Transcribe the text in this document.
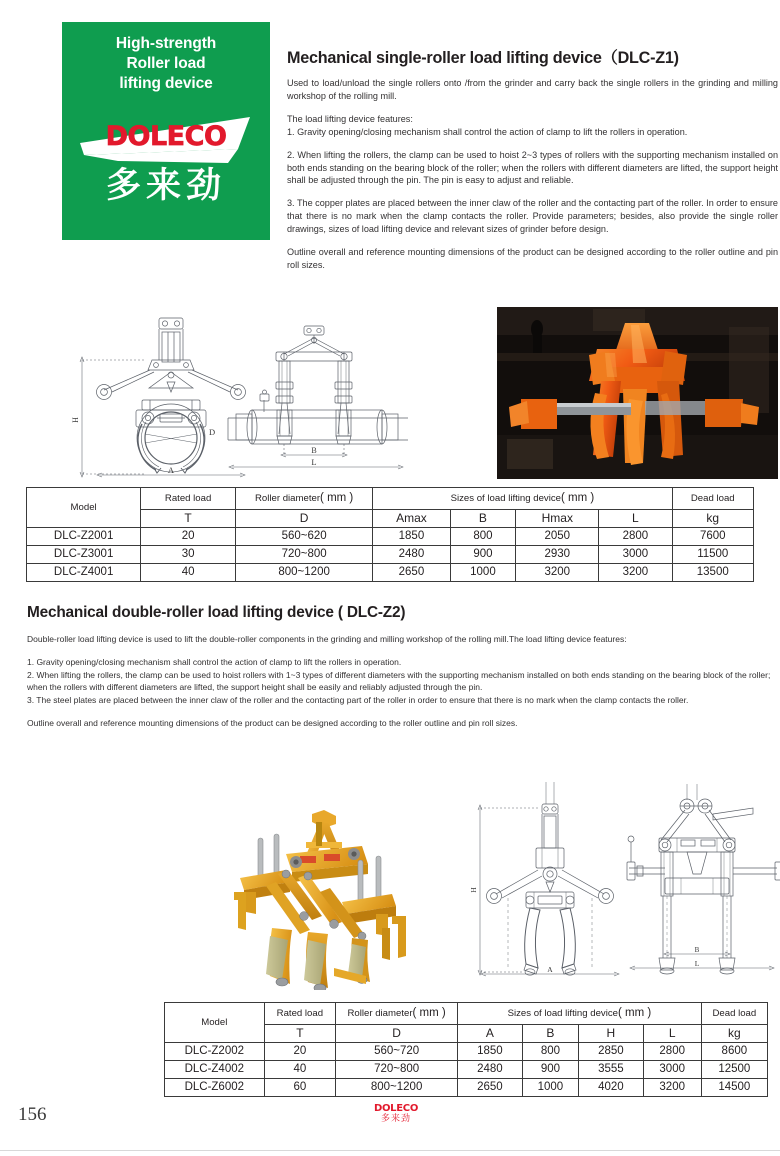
High-strength
Roller load
lifting device
DOLECO
多来劲
Mechanical single-roller load lifting device（DLC-Z1)

Used to load/unload the single rollers onto /from the grinder and carry back the single rollers in the grinding and milling workshop of the rolling mill.

The load lifting device features:

1. Gravity opening/closing mechanism shall control the action of clamp to lift the rollers in operation.

2. When lifting the rollers, the clamp can be used to hoist 2~3 types of rollers with the supporting mechanism installed on both ends standing on the bearing block of the roller; when the rollers with different diameters are lifted, the support height shall be adjusted through the pin. The pin is easy to adjust and reliable.

3. The copper plates are placed between the inner claw of the roller and the contacting part of the roller. In order to ensure that there is no mark when the clamp contacts the roller. Provide parameters; besides, also provide the single roller drawings, sizes of load lifting device and relevant sizes of grinder before design.

Outline overall and reference mounting dimensions of the product can be designed according to the roller outline and pin roll sizes.

H
A
D
B
L
Model	Rated load	Roller diameter( mm )	Sizes of load lifting device( mm )				Dead load
	T	D	Amax	B	Hmax	L	kg
DLC-Z2001	20	560~620	1850	800	2050	2800	7600
DLC-Z3001	30	720~800	2480	900	2930	3000	11500
DLC-Z4001	40	800~1200	2650	1000	3200	3200	13500
Mechanical double-roller load lifting device ( DLC-Z2)

Double-roller load lifting device is used to lift the double-roller components in the grinding and milling workshop of the rolling mill.The load lifting device features:

1. Gravity opening/closing mechanism shall control the action of clamp to lift the rollers in operation.

2. When lifting the rollers, the clamp can be used to hoist rollers with 1~3 types of different diameters with the supporting mechanism installed on both ends standing on the bearing block of the roller; when the rollers with different diameters are lifted, the support height shall be easily and reliably adjusted through the pin.

3. The steel plates are placed between the inner claw of the roller and the contacting part of the roller in order to ensure that there is no mark when the clamp contacts the roller.

Outline overall and reference mounting dimensions of the product can be designed according to the roller outline and pin roll sizes.

H
A
B
L
Model	Rated load	Roller diameter( mm )	Sizes of load lifting device( mm )				Dead load
	T	D	A	B	H	L	kg
DLC-Z2002	20	560~720	1850	800	2850	2800	8600
DLC-Z4002	40	720~800	2480	900	3555	3000	12500
DLC-Z6002	60	800~1200	2650	1000	4020	3200	14500
156	DOLECO
多来劲
